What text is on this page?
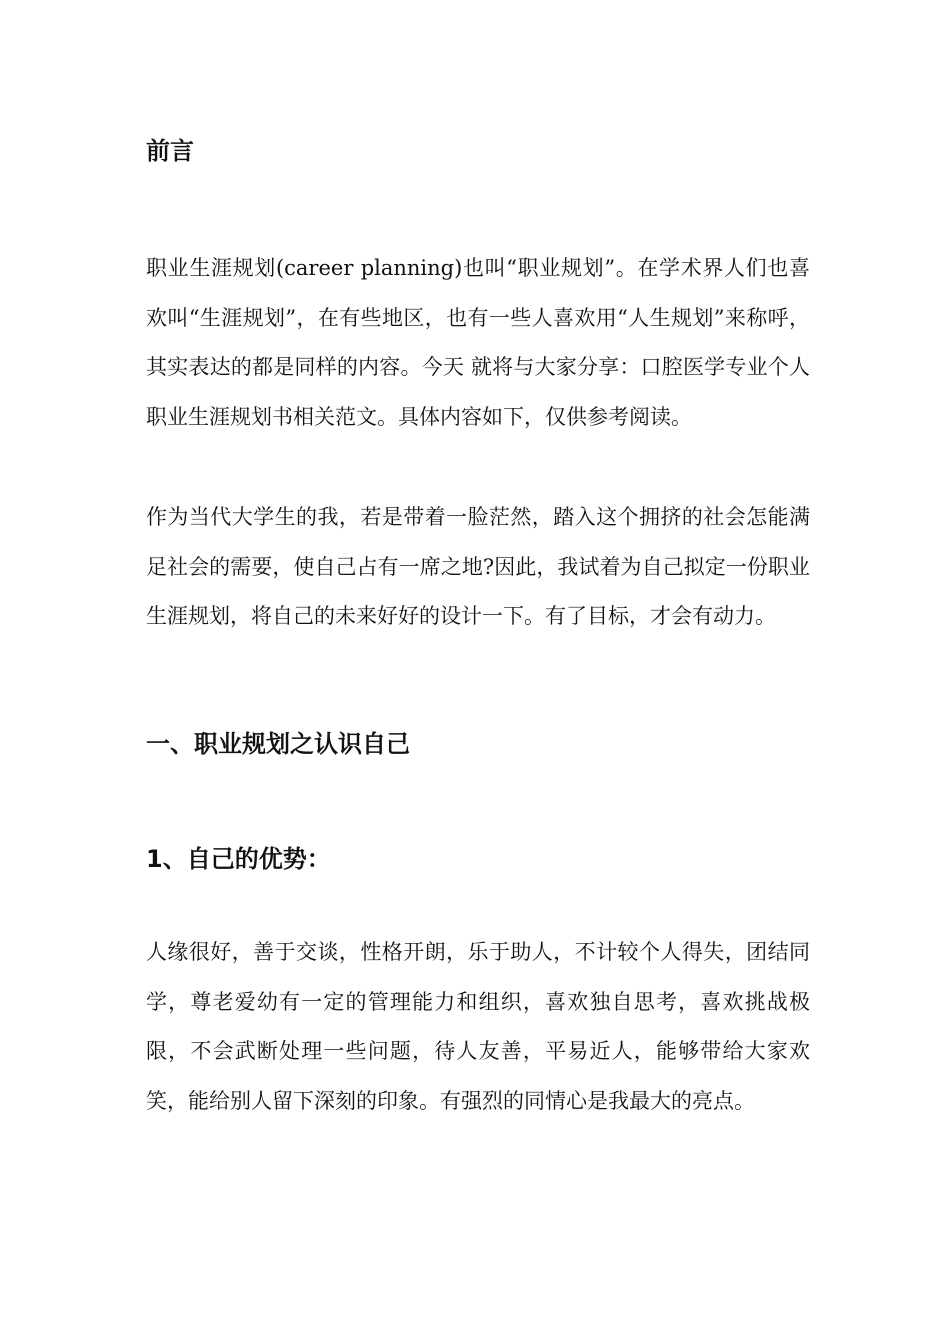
前言

职业生涯规划(career planning)也叫“职业规划”。在学术界人们也喜欢叫“生涯规划”，在有些地区，也有一些人喜欢用“人生规划”来称呼，其实表达的都是同样的内容。今天 就将与大家分享：口腔医学专业个人职业生涯规划书相关范文。具体内容如下，仅供参考阅读。

作为当代大学生的我，若是带着一脸茫然，踏入这个拥挤的社会怎能满足社会的需要，使自己占有一席之地?因此，我试着为自己拟定一份职业生涯规划，将自己的未来好好的设计一下。有了目标，才会有动力。

一、职业规划之认识自己
1、自己的优势：

人缘很好，善于交谈，性格开朗，乐于助人，不计较个人得失，团结同学，尊老爱幼有一定的管理能力和组织，喜欢独自思考，喜欢挑战极限，不会武断处理一些问题，待人友善，平易近人，能够带给大家欢笑，能给别人留下深刻的印象。有强烈的同情心是我最大的亮点。
